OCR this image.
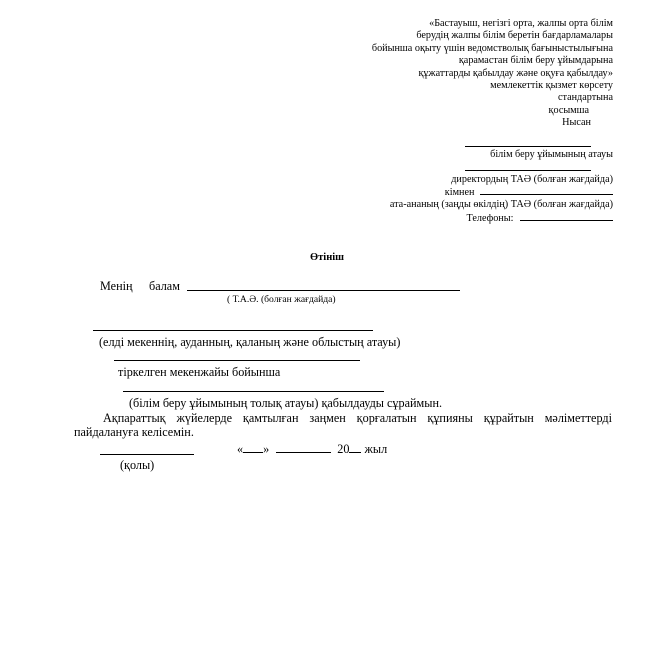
«Бастауыш, негізгі орта, жалпы орта білім
берудің жалпы білім беретін бағдарламалары
бойынша оқыту үшін ведомстволық бағыныстылығына
қарамастан білім беру ұйымдарына
құжаттарды қабылдау және оқуға қабылдау»
мемлекеттік қызмет көрсету
стандартына
қосымша
Нысан
білім беру ұйымының атауы
директордың ТАӘ (болған жағдайда)
кімнен
ата-ананың (заңды өкілдің) ТАӘ (болған жағдайда)
Телефоны:
Өтініш
Менің балам
( Т.А.Ә. (болған жағдайда)
(елді мекеннің, ауданның, қаланың және облыстың атауы)
тіркелген мекенжайы бойынша
(білім беру ұйымының толық атауы) қабылдауды сұраймын.
Ақпараттық жүйелерде қамтылған заңмен қорғалатын құпияны құрайтын мәліметтерді пайдалануға келісемін.
« »	20 жыл
(қолы)
